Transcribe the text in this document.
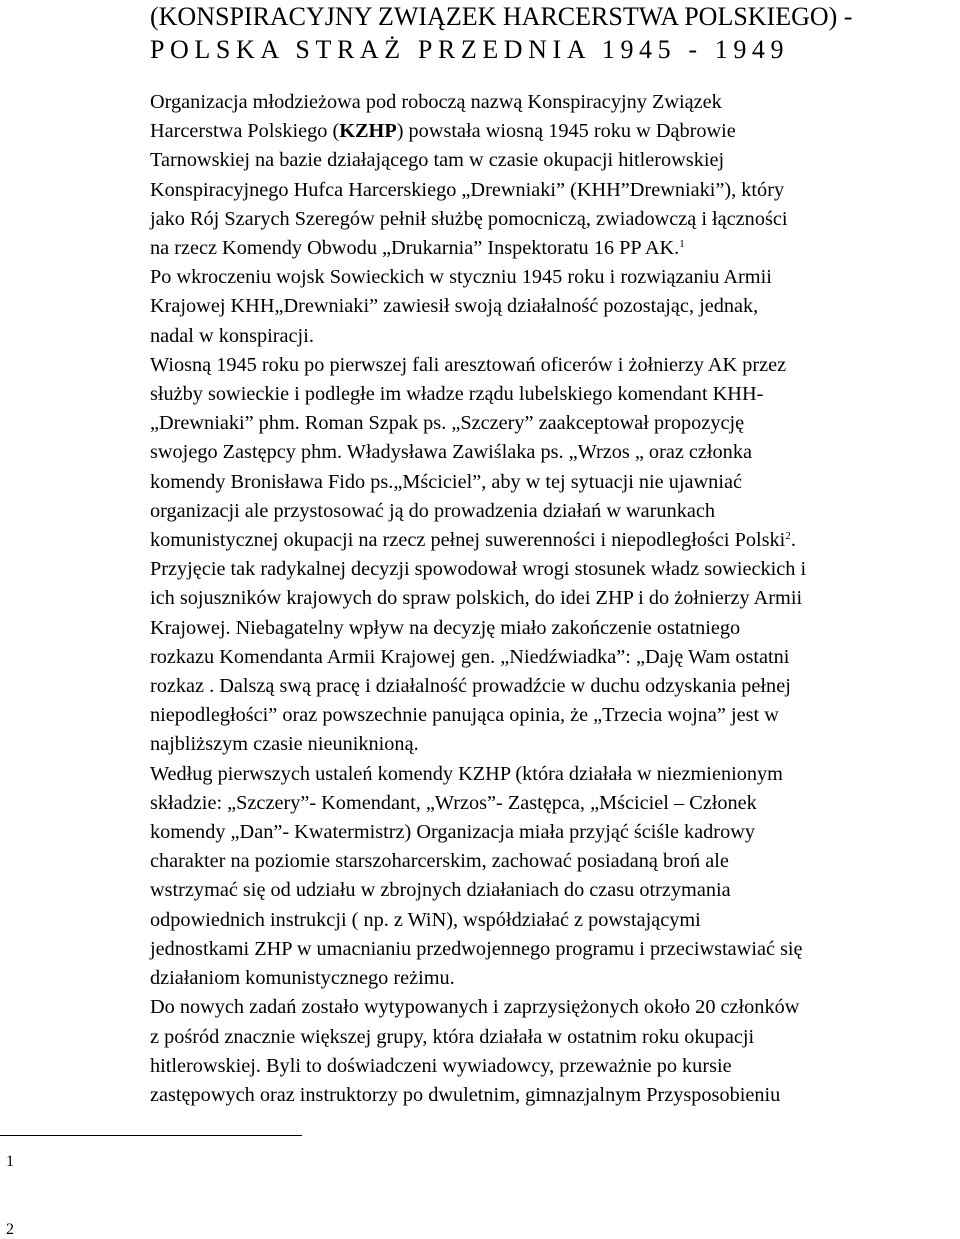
(KONSPIRACYJNY ZWIĄZEK HARCERSTWA POLSKIEGO) -
POLSKA STRAŻ PRZEDNIA 1945 - 1949
Organizacja młodzieżowa pod roboczą nazwą Konspiracyjny Związek
Harcerstwa Polskiego (KZHP) powstała wiosną 1945 roku w Dąbrowie
Tarnowskiej na bazie działającego tam w czasie okupacji hitlerowskiej
Konspiracyjnego Hufca Harcerskiego „Drewniaki” (KHH”Drewniaki”), który
jako Rój Szarych Szeregów pełnił służbę pomocniczą, zwiadowczą i łączności
na rzecz Komendy Obwodu „Drukarnia” Inspektoratu 16 PP AK.$^1$
Po wkroczeniu wojsk Sowieckich w styczniu 1945 roku i rozwiązaniu Armii
Krajowej KHH„Drewniaki” zawiesił swoją działalność pozostając, jednak,
nadal w konspiracji.
Wiosną 1945 roku po pierwszej fali aresztowań oficerów i żołnierzy AK przez
służby sowieckie i podległe im władze rządu lubelskiego komendant KHH-
„Drewniaki” phm. Roman Szpak ps. „Szczery” zaakceptował propozycję
swojego Zastępcy phm. Władysława Zawiślaka ps. „Wrzos „ oraz członka
komendy Bronisława Fido ps.„Mściciel”, aby w tej sytuacji nie ujawniać
organizacji ale przystosować ją do prowadzenia działań w warunkach
komunistycznej okupacji na rzecz pełnej suwerenności i niepodległości Polski$^2$.
Przyjęcie tak radykalnej decyzji spowodował wrogi stosunek władz sowieckich i
ich sojuszników krajowych do spraw polskich, do idei ZHP i do żołnierzy Armii
Krajowej. Niebagatelny wpływ na decyzję miało zakończenie ostatniego
rozkazu Komendanta Armii Krajowej gen. „Niedźwiadka”: „Daję Wam ostatni
rozkaz . Dalszą swą pracę i działalność prowadźcie w duchu odzyskania pełnej
niepodległości” oraz powszechnie panująca opinia, że „Trzecia wojna” jest w
najbliższym czasie nieuniknioną.
Według pierwszych ustaleń komendy KZHP (która działała w niezmienionym
składzie: „Szczery”- Komendant, „Wrzos”- Zastępca, „Mściciel – Członek
komendy „Dan”- Kwatermistrz) Organizacja miała przyjąć ściśle kadrowy
charakter na poziomie starszoharcerskim, zachować posiadaną broń ale
wstrzymać się od udziału w zbrojnych działaniach do czasu otrzymania
odpowiednich instrukcji ( np. z WiN), współdziałać z powstającymi
jednostkami ZHP w umacnianiu przedwojennego programu i przeciwstawiać się
działaniom komunistycznego reżimu.
Do nowych zadań zostało wytypowanych i zaprzysiężonych około 20 członków
z pośród znacznie większej grupy, która działała w ostatnim roku okupacji
hitlerowskiej. Byli to doświadczeni wywiadowcy, przeważnie po kursie
zastępowych oraz instruktorzy po dwuletnim, gimnazjalnym Przysposobieniu
1
2
